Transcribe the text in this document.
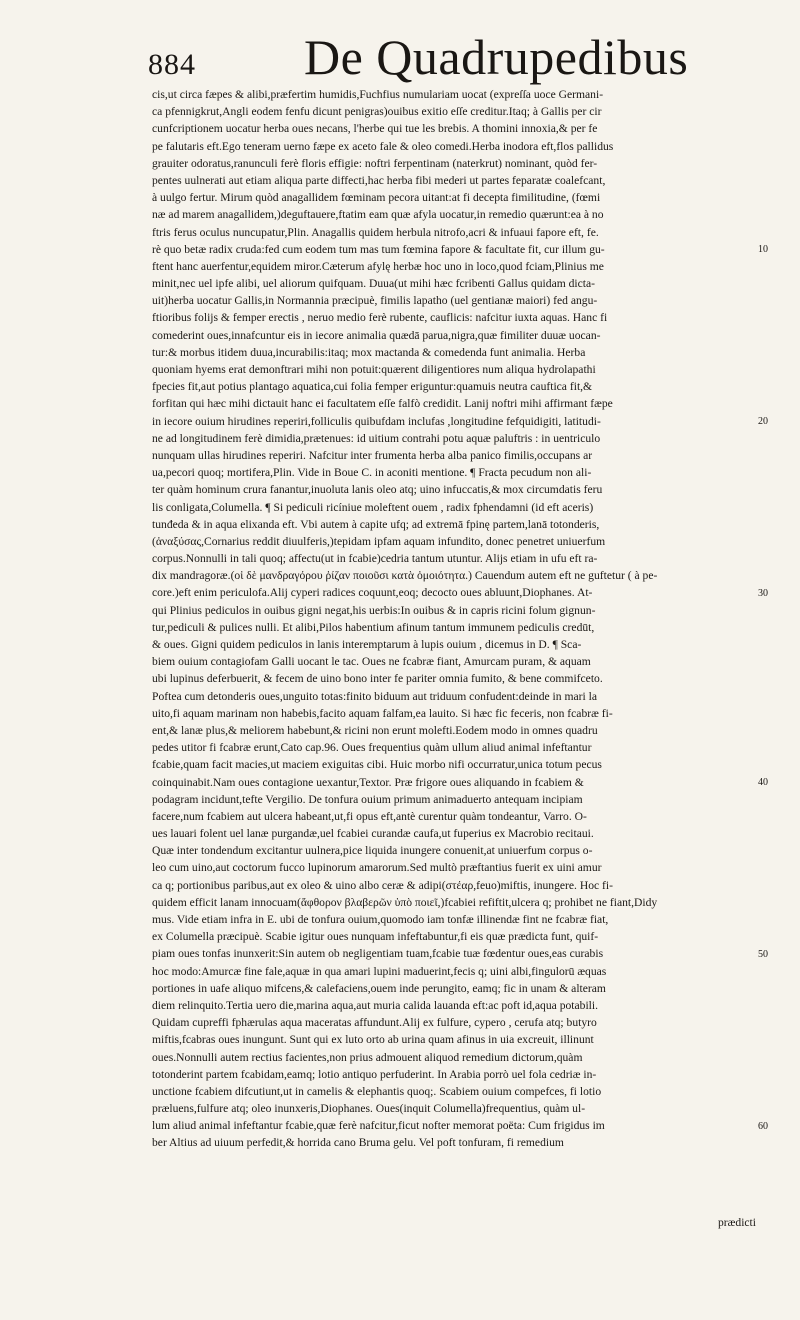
884 De Quadrupedibus
cis,ut circa fæpes & alibi,præfertim humidis,Fuchfius numulariam uocat (expreſſa uoce Germani-
ca pfennigkrut,Angli eodem fenfu dicunt penigras)ouibus exitio eſſe creditur.Itaq; à Gallis per cir
cunfcriptionem uocatur herba oues necans, l'herbe qui tue les brebis. A thomini innoxia,& per fe
pe falutaris eft.Ego teneram uerno fæpe ex aceto fale & oleo comedi.Herba inodora eft,flos pallidus
grauiter odoratus,ranunculi ferè floris effigie: noftri ferpentinam (naterkrut) nominant, quòd fer-
pentes uulnerati aut etiam aliqua parte diffecti,hac herba fibi mederi ut partes feparatæ coalefcant,
à uulgo fertur. Mirum quòd anagallidem fœminam pecora uitant:at fi decepta fimilitudine, (fœmi
næ ad marem anagallidem,)deguftauere,ftatim eam quæ afyla uocatur,in remedio quærunt:ea à no
ftris ferus oculus nuncupatur,Plin. Anagallis quidem herbula nitrofo,acri & infuaui fapore eft, fe.
rè quo betæ radix cruda:fed cum eodem tum mas tum fœmina fapore & facultate fit, cur illum gu-
ftent hanc auerfentur,equidem miror.Cæterum afylę herbæ hoc uno in loco,quod fciam,Plinius me
minit,nec uel ipfe alibi, uel aliorum quifquam. Duua(ut mihi hæc fcribenti Gallus quidam dicta-
uit)herba uocatur Gallis,in Normannia præcipuè, fimilis lapatho (uel gentianæ maiori) fed angu-
ftioribus folijs & femper erectis , neruo medio ferè rubente, cauflicis: nafcitur iuxta aquas. Hanc fi
comederint oues,innafcuntur eis in iecore animalia quædā parua,nigra,quæ fimiliter duuæ uocan-
tur:& morbus itidem duua,incurabilis:itaq; mox mactanda & comedenda funt animalia. Herba
quoniam hyems erat demonftrari mihi non potuit:quærent diligentiores num aliqua hydrolapathi
fpecies fit,aut potius plantago aquatica,cui folia femper eriguntur:quamuis neutra cauftica fit,&
forfitan qui hæc mihi dictauit hanc ei facultatem eſſe falfò credidit. Lanij noftri mihi affirmant fæpe
in iecore ouium hirudines reperiri,folliculis quibufdam inclufas ,longitudine fefquidigiti, latitudi-
ne ad longitudinem ferè dimidia,prætenues: id uitium contrahi potu aquæ paluftris : in uentriculo
nunquam ullas hirudines reperiri. Nafcitur inter frumenta herba alba panico fimilis,occupans ar
ua,pecori quoq; mortifera,Plin. Vide in Boue C. in aconiti mentione. ¶ Fracta pecudum non ali-
ter quàm hominum crura fanantur,inuoluta lanis oleo atq; uino infuccatis,& mox circumdatis feru
lis conligata,Columella. ¶ Si pediculi ricíniue moleftent ouem , radix fphendamni (id eft aceris)
tunđeda & in aqua elixanda eft. Vbi autem à capite ufq; ad extremā fpinę partem,lanā totonderis,
(ἀναξύσας,Cornarius reddit diuulferis,)tepidam ipfam aquam infundito, donec penetret uniuerfum
corpus.Nonnulli in tali quoq; affectu(ut in fcabie)cedria tantum utuntur. Alijs etiam in ufu eft ra-
dix mandragoræ.(οἱ δὲ μανδραγόρου ῥίζαν ποιοῦσι κατὰ ὁμοιότητα.) Cauendum autem eft ne guftetur ( à pe-
core.)eft enim periculofa.Alij cyperi radices coquunt,eoq; decocto oues abluunt,Diophanes. At-
qui Plinius pediculos in ouibus gigni negat,his uerbis:In ouibus & in capris ricini folum gignun-
tur,pediculi & pulices nulli. Et alibi,Pilos habentium afinum tantum immunem pediculis credūt,
& oues. Gigni quidem pediculos in lanis interemptarum à lupis ouium , dicemus in D. ¶ Sca-
biem ouium contagiofam Galli uocant le tac. Oues ne fcabræ fiant, Amurcam puram, & aquam
ubi lupinus deferbuerit, & fecem de uino bono inter fe pariter omnia fumito, & bene commifceto.
Poftea cum detonderis oues,unguito totas:finito biduum aut triduum confudent:deinde in mari la
uito,fi aquam marinam non habebis,facito aquam falfam,ea lauito. Si hæc fic feceris, non fcabræ fi-
ent,& lanæ plus,& meliorem habebunt,& ricini non erunt molefti.Eodem modo in omnes quadru
pedes utitor fi fcabræ erunt,Cato cap.96. Oues frequentius quàm ullum aliud animal infeftantur
fcabie,quam facit macies,ut maciem exiguitas cibi. Huic morbo nifi occurratur,unica totum pecus
coinquinabit.Nam oues contagione uexantur,Textor. Præ frigore oues aliquando in fcabiem &
podagram incidunt,tefte Vergilio. De tonfura ouium primum animaduerto antequam incipiam
facere,num fcabiem aut ulcera habeant,ut,fi opus eft,antè curentur quàm tondeantur, Varro. O-
ues lauari folent uel lanæ purgandæ,uel fcabiei curandæ caufa,ut fuperius ex Macrobio recitaui.
Quæ inter tondendum excitantur uulnera,pice liquida inungere conuenit,at uniuerfum corpus o-
leo cum uino,aut coctorum fucco lupinorum amarorum.Sed multò præftantius fuerit ex uini amur
ca q; portionibus paribus,aut ex oleo & uino albo ceræ & adipi(στέαρ,feuo)miftis, inungere. Hoc fi-
quidem efficit lanam innocuam(ἄφθορον βλαβερῶν ὑπὸ ποιεῖ,)fcabiei refiftit,ulcera q; prohibet ne fiant,Didy
mus. Vide etiam infra in E. ubi de tonfura ouium,quomodo iam tonfæ illinendæ fint ne fcabræ fiat,
ex Columella præcipuè. Scabie igitur oues nunquam infeftabuntur,fi eis quæ prædicta funt, quif-
piam oues tonfas inunxerit:Sin autem ob negligentiam tuam,fcabie tuæ fœdentur oues,eas curabis
hoc modo:Amurcæ fine fale,aquæ in qua amari lupini maduerint,fecis q; uini albi,fingulorū æquas
portiones in uafe aliquo mifcens,& calefaciens,ouem inde perungito, eamq; fic in unam & alteram
diem relinquito.Tertia uero die,marina aqua,aut muria calida lauanda eft:ac poft id,aqua potabili.
Quidam cupreffi fphærulas aqua maceratas affundunt.Alij ex fulfure, cypero , cerufa atq; butyro
miftis,fcabras oues inungunt. Sunt qui ex luto orto ab urina quam afinus in uia excreuit, illinunt
oues.Nonnulli autem rectius facientes,non prius admouent aliquod remedium dictorum,quàm
totonderint partem fcabidam,eamq; lotio antiquo perfuderint. In Arabia porrò uel fola cedriæ in-
unctione fcabiem difcutiunt,ut in camelis & elephantis quoq;. Scabiem ouium compefces, fi lotio
præluens,fulfure atq; oleo inunxeris,Diophanes. Oues(inquit Columella)frequentius, quàm ul-
lum aliud animal infeftantur fcabie,quæ ferè nafcitur,ficut nofter memorat poëta: Cum frigidus im
ber Altius ad uiuum perfedit,& horrida cano Bruma gelu. Vel poft tonfuram, fi remedium
10
20
30
40
50
60
prædicti
